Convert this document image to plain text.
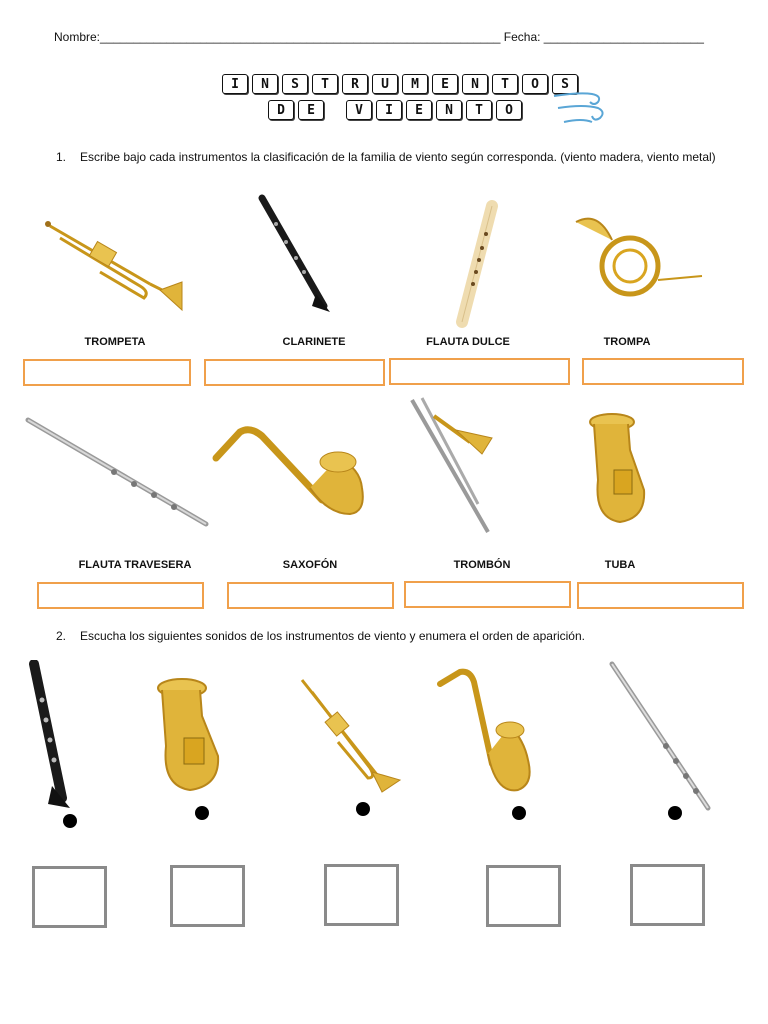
Nombre:____________________________________________________________ Fecha: ________________________
I	N	S	T	R	U	M	E	N	T	O	S
D	E	V	I	E	N	T	O
1. Escribe bajo cada instrumentos la clasificación de la familia de viento según corresponda. (viento madera, viento metal)
TROMPETA	CLARINETE	FLAUTA DULCE	TROMPA
FLAUTA TRAVESERA	SAXOFÓN	TROMBÓN	TUBA
2. Escucha los siguientes sonidos de los instrumentos de viento y enumera el orden de aparición.
